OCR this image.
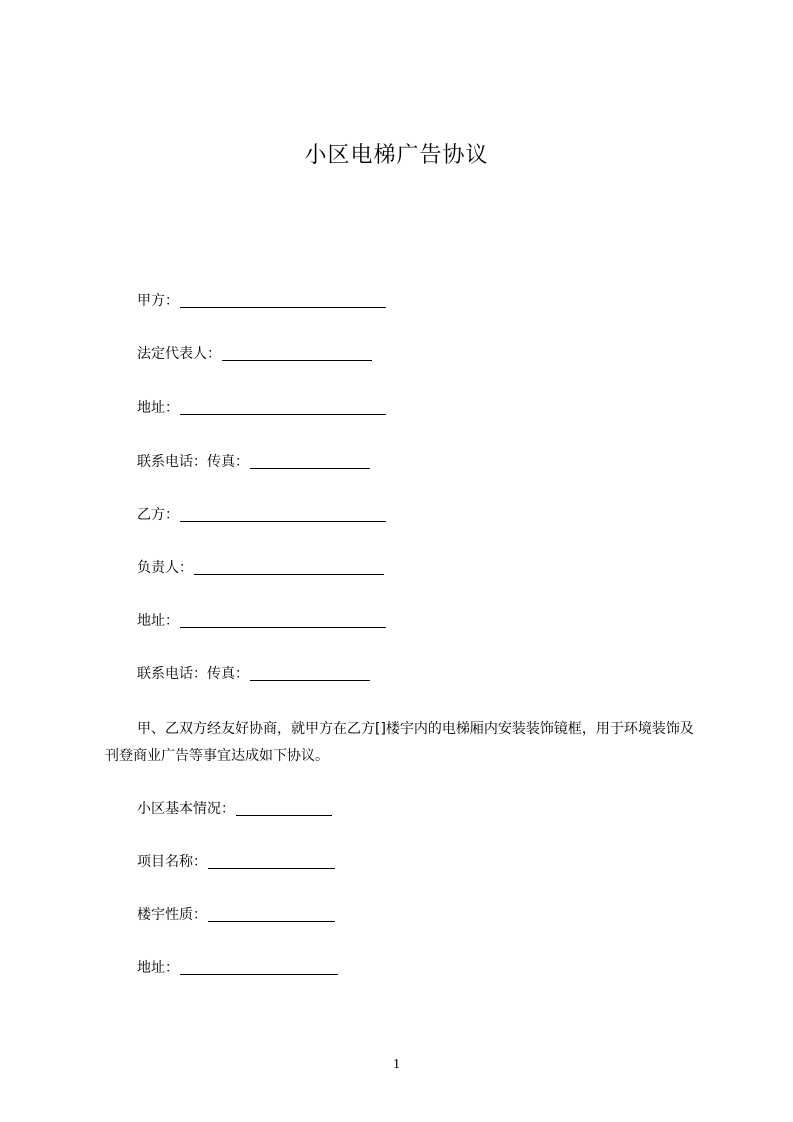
小区电梯广告协议
甲方：
法定代表人：
地址：
联系电话：传真：
乙方：
负责人：
地址：
联系电话：传真：
甲、乙双方经友好协商，就甲方在乙方[]楼宇内的电梯厢内安装装饰镜框，用于环境装饰及刊登商业广告等事宜达成如下协议。
小区基本情况：
项目名称：
楼宇性质：
地址：
1
